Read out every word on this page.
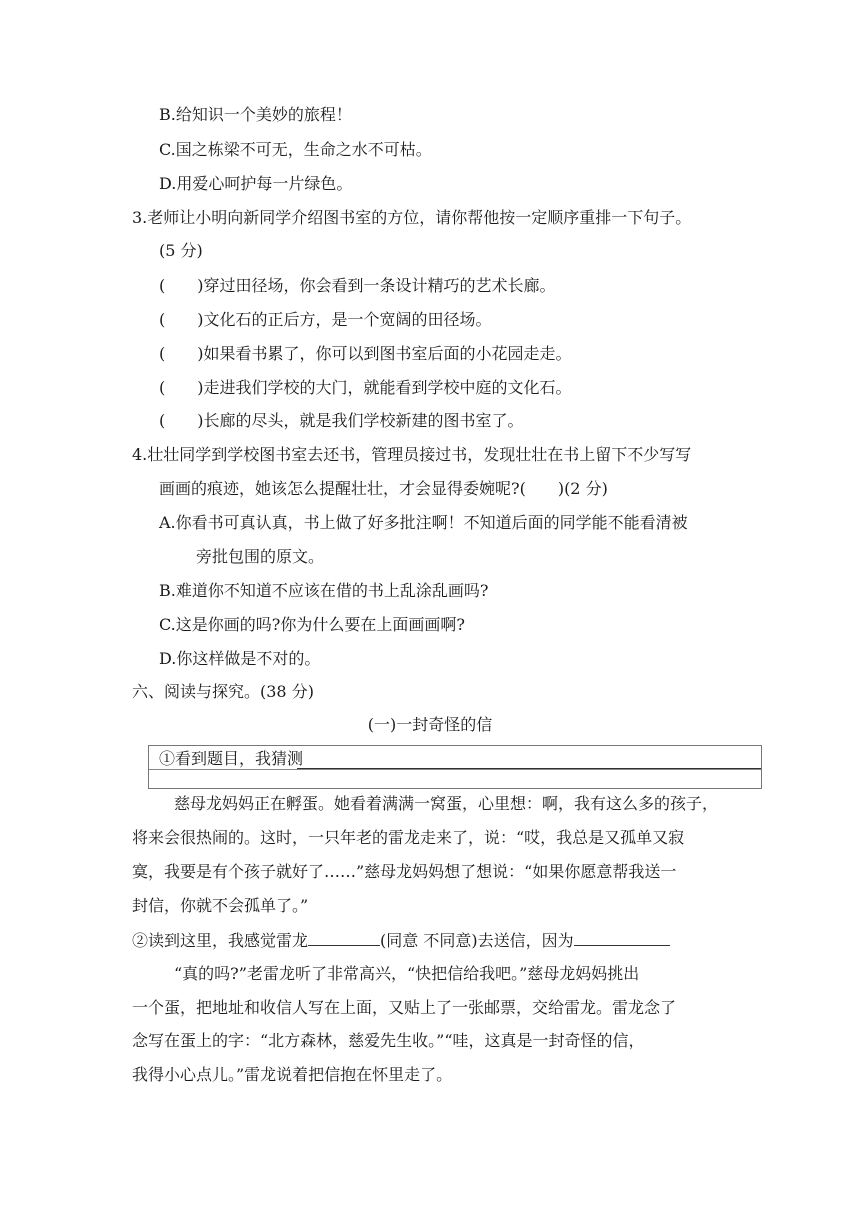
B.给知识一个美妙的旅程！
C.国之栋梁不可无，生命之水不可枯。
D.用爱心呵护每一片绿色。
3.老师让小明向新同学介绍图书室的方位，请你帮他按一定顺序重排一下句子。
(5 分)
(　　)穿过田径场，你会看到一条设计精巧的艺术长廊。
(　　)文化石的正后方，是一个宽阔的田径场。
(　　)如果看书累了，你可以到图书室后面的小花园走走。
(　　)走进我们学校的大门，就能看到学校中庭的文化石。
(　　)长廊的尽头，就是我们学校新建的图书室了。
4.壮壮同学到学校图书室去还书，管理员接过书，发现壮壮在书上留下不少写写
画画的痕迹，她该怎么提醒壮壮，才会显得委婉呢?(　　)(2 分)
A.你看书可真认真，书上做了好多批注啊！不知道后面的同学能不能看清被
旁批包围的原文。
B.难道你不知道不应该在借的书上乱涂乱画吗?
C.这是你画的吗?你为什么要在上面画画啊?
D.你这样做是不对的。
六、阅读与探究。(38 分)
(一)一封奇怪的信
①看到题目，我猜测
慈母龙妈妈正在孵蛋。她看着满满一窝蛋，心里想：啊，我有这么多的孩子，
将来会很热闹的。这时，一只年老的雷龙走来了，说：“哎，我总是又孤单又寂
寞，我要是有个孩子就好了……”慈母龙妈妈想了想说：“如果你愿意帮我送一
封信，你就不会孤单了。”
②读到这里，我感觉雷龙	(同意 不同意)去送信，因为
“真的吗?”老雷龙听了非常高兴，“快把信给我吧。”慈母龙妈妈挑出
一个蛋，把地址和收信人写在上面，又贴上了一张邮票，交给雷龙。雷龙念了
念写在蛋上的字：“北方森林，慈爱先生收。”“哇，这真是一封奇怪的信，
我得小心点儿。”雷龙说着把信抱在怀里走了。
